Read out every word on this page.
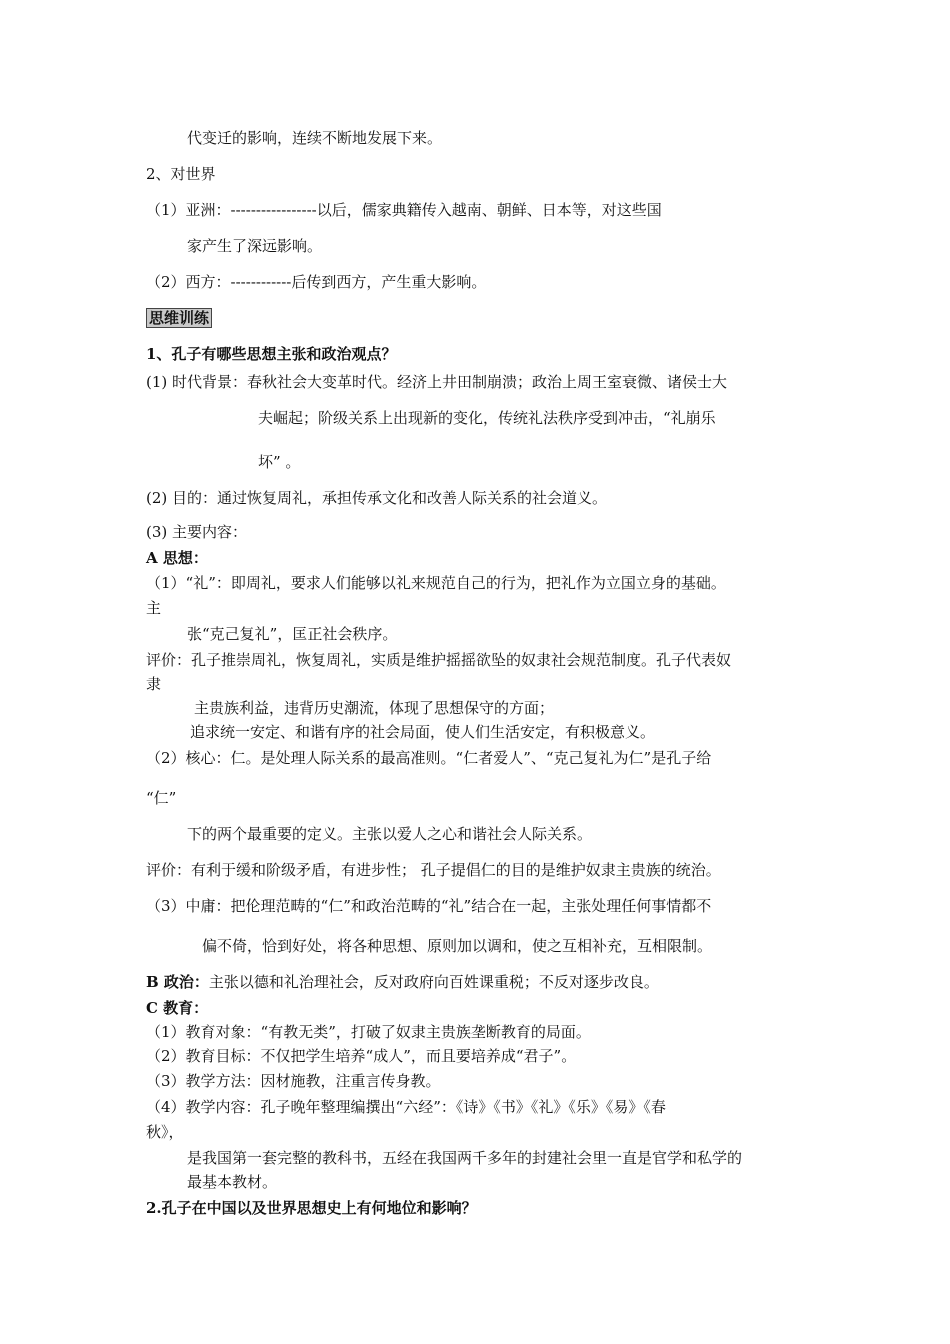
代变迁的影响，连续不断地发展下来。
2、对世界
（1）亚洲：-----------------以后，儒家典籍传入越南、朝鲜、日本等，对这些国
家产生了深远影响。
（2）西方：------------后传到西方，产生重大影响。
思维训练
1、孔子有哪些思想主张和政治观点？
(1) 时代背景：春秋社会大变革时代。经济上井田制崩溃；政治上周王室衰微、诸侯士大
夫崛起；阶级关系上出现新的变化，传统礼法秩序受到冲击，“礼崩乐
坏” 。
(2) 目的：通过恢复周礼，承担传承文化和改善人际关系的社会道义。
(3) 主要内容：
A 思想：
（1）“礼”：即周礼，要求人们能够以礼来规范自己的行为，把礼作为立国立身的基础。
主
张“克己复礼”，匡正社会秩序。
评价：孔子推崇周礼，恢复周礼，实质是维护摇摇欲坠的奴隶社会规范制度。孔子代表奴
隶
主贵族利益，违背历史潮流，体现了思想保守的方面；
追求统一安定、和谐有序的社会局面，使人们生活安定，有积极意义。
（2）核心：仁。是处理人际关系的最高准则。“仁者爱人”、“克己复礼为仁”是孔子给
“仁”
下的两个最重要的定义。主张以爱人之心和谐社会人际关系。
评价：有利于缓和阶级矛盾，有进步性； 孔子提倡仁的目的是维护奴隶主贵族的统治。
（3）中庸：把伦理范畴的“仁”和政治范畴的“礼”结合在一起，主张处理任何事情都不
偏不倚，恰到好处，将各种思想、原则加以调和，使之互相补充，互相限制。
B 政治：主张以德和礼治理社会，反对政府向百姓课重税；不反对逐步改良。
C 教育：
（1）教育对象：“有教无类”，打破了奴隶主贵族垄断教育的局面。
（2）教育目标：不仅把学生培养“成人”，而且要培养成“君子”。
（3）教学方法：因材施教，注重言传身教。
（4）教学内容：孔子晚年整理编撰出“六经”：《诗》《书》《礼》《乐》《易》《春
秋》，
是我国第一套完整的教科书，五经在我国两千多年的封建社会里一直是官学和私学的
最基本教材。
2.孔子在中国以及世界思想史上有何地位和影响？
